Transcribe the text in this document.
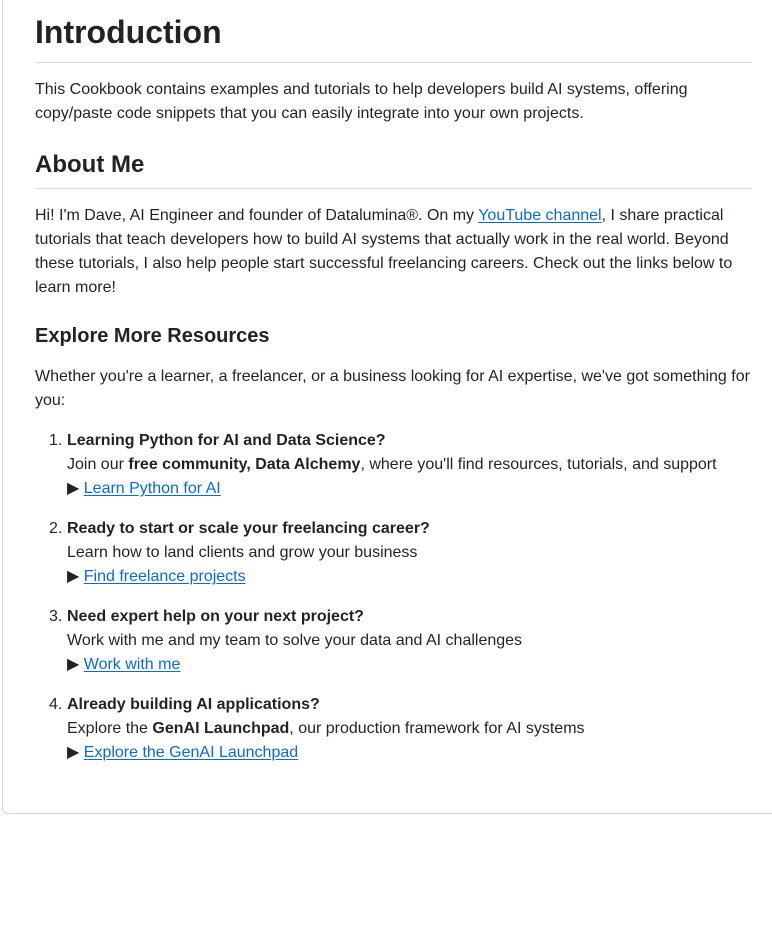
Introduction

This Cookbook contains examples and tutorials to help developers build AI systems, offering copy/paste code snippets that you can easily integrate into your own projects.

About Me

Hi! I'm Dave, AI Engineer and founder of Datalumina®. On my YouTube channel, I share practical tutorials that teach developers how to build AI systems that actually work in the real world. Beyond these tutorials, I also help people start successful freelancing careers. Check out the links below to learn more!

Explore More Resources

Whether you're a learner, a freelancer, or a business looking for AI expertise, we've got something for you:

1. Learning Python for AI and Data Science?
Join our free community, Data Alchemy, where you'll find resources, tutorials, and support
▶ Learn Python for AI
2. Ready to start or scale your freelancing career?
Learn how to land clients and grow your business
▶ Find freelance projects
3. Need expert help on your next project?
Work with me and my team to solve your data and AI challenges
▶ Work with me
4. Already building AI applications?
Explore the GenAI Launchpad, our production framework for AI systems
▶ Explore the GenAI Launchpad
